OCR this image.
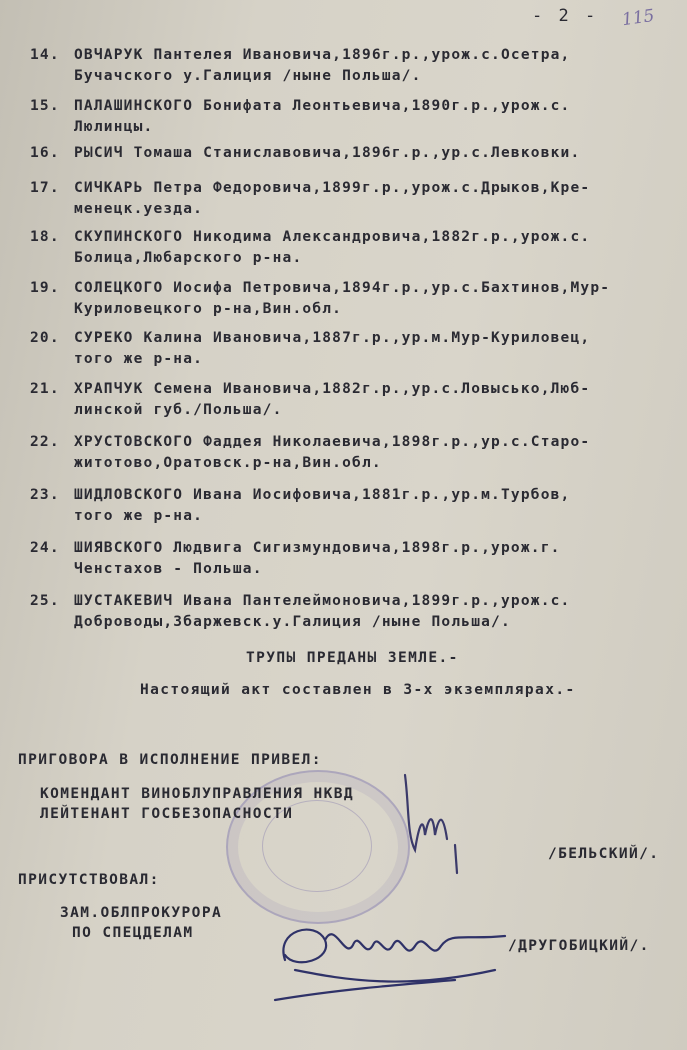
- 2 - 115
14. ОВЧАРУК Пантелея Ивановича,1896г.р.,урож.с.Осетра,
Бучачского у.Галиция /ныне Польша/.
15. ПАЛАШИНСКОГО Бонифата Леонтьевича,1890г.р.,урож.с.
Люлинцы.
16. РЫСИЧ Томаша Станиславовича,1896г.р.,ур.с.Левковки.
17. СИЧКАРЬ Петра Федоровича,1899г.р.,урож.с.Дрыков,Кре-
менецк.уезда.
18. СКУПИНСКОГО Никодима Александровича,1882г.р.,урож.с.
Болица,Любарского р-на.
19. СОЛЕЦКОГО Иосифа Петровича,1894г.р.,ур.с.Бахтинов,Мур-
Куриловецкого р-на,Вин.обл.
20. СУРЕКО Калина Ивановича,1887г.р.,ур.м.Мур-Куриловец,
того же р-на.
21. ХРАПЧУК Семена Ивановича,1882г.р.,ур.с.Ловысько,Люб-
линской губ./Польша/.
22. ХРУСТОВСКОГО Фаддея Николаевича,1898г.р.,ур.с.Старо-
житотово,Оратовск.р-на,Вин.обл.
23. ШИДЛОВСКОГО Ивана Иосифовича,1881г.р.,ур.м.Турбов,
того же р-на.
24. ШИЯВСКОГО Людвига Сигизмундовича,1898г.р.,урож.г.
Ченстахов - Польша.
25. ШУСТАКЕВИЧ Ивана Пантелеймоновича,1899г.р.,урож.с.
Доброводы,Збаржевск.у.Галиция /ныне Польша/.
ТРУПЫ ПРЕДАНЫ ЗЕМЛЕ.-
Настоящий акт составлен в 3-х экземплярах.-
ПРИГОВОРА В ИСПОЛНЕНИЕ ПРИВЕЛ:
КОМЕНДАНТ ВИНОБЛУПРАВЛЕНИЯ НКВД
ЛЕЙТЕНАНТ ГОСБЕЗОПАСНОСТИ
/БЕЛЬСКИЙ/.
ПРИСУТСТВОВАЛ:
ЗАМ.ОБЛПРОКУРОРА
ПО СПЕЦДЕЛАМ
/ДРУГОБИЦКИЙ/.
